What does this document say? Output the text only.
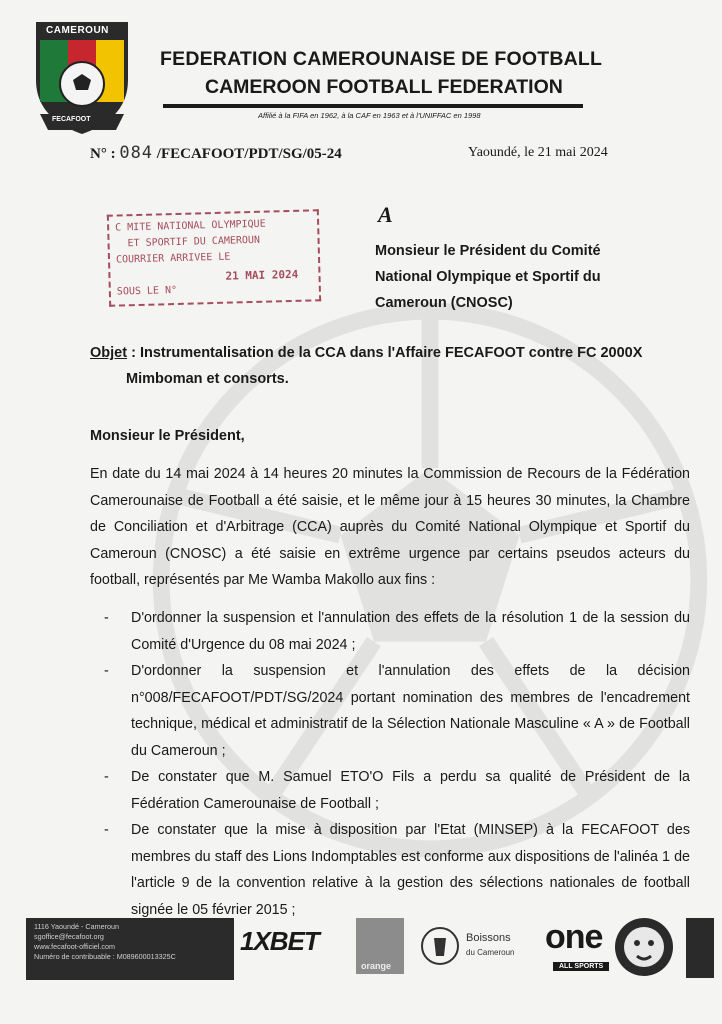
CAMEROUN
FECAFOOT
FEDERATION CAMEROUNAISE DE FOOTBALL
CAMEROON FOOTBALL FEDERATION
Affilié à la FIFA en 1962, à la CAF en 1963 et à l'UNIFFAC en 1998
N° : 084 /FECAFOOT/PDT/SG/05-24	Yaoundé, le 21 mai 2024
C MITE NATIONAL OLYMPIQUE
ET SPORTIF DU CAMEROUN
COURRIER ARRIVEE LE
SOUS LE N°
21 MAI 2024
A
Monsieur le Président du Comité
National Olympique et Sportif du
Cameroun (CNOSC)
Objet : Instrumentalisation de la CCA dans l'Affaire FECAFOOT contre FC 2000X
Mimboman et consorts.
Monsieur le Président,

En date du 14 mai 2024 à 14 heures 20 minutes la Commission de Recours de la Fédération Camerounaise de Football a été saisie, et le même jour à 15 heures 30 minutes, la Chambre de Conciliation et d'Arbitrage (CCA) auprès du Comité National Olympique et Sportif du Cameroun (CNOSC) a été saisie en extrême urgence par certains pseudos acteurs du football, représentés par Me Wamba Makollo aux fins :

- D'ordonner la suspension et l'annulation des effets de la résolution 1 de la session du Comité d'Urgence du 08 mai 2024 ;
- D'ordonner la suspension et l'annulation des effets de la décision n°008/FECAFOOT/PDT/SG/2024 portant nomination des membres de l'encadrement technique, médical et administratif de la Sélection Nationale Masculine « A » de Football du Cameroun ;
- De constater que M. Samuel ETO'O Fils a perdu sa qualité de Président de la Fédération Camerounaise de Football ;
- De constater que la mise à disposition par l'Etat (MINSEP) à la FECAFOOT des membres du staff des Lions Indomptables est conforme aux dispositions de l'alinéa 1 de l'article 9 de la convention relative à la gestion des sélections nationales de football signée le 05 février 2015 ;
1116 Yaoundé - Cameroun
sgoffice@fecafoot.org
www.fecafoot-officiel.com
Numéro de contribuable : M089600013325C
1XBET
orange
Boissons
du Cameroun one
ALL SPORTS
